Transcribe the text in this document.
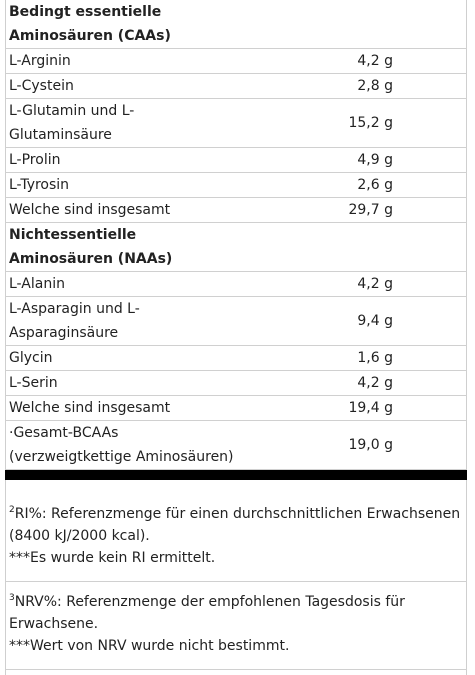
Bedingt essentielle	
Aminosäuren (CAAs)	
L-Arginin	4,2 g
L-Cystein	2,8 g
L-Glutamin und L-Glutaminsäure	15,2 g
L-Prolin	4,9 g
L-Tyrosin	2,6 g
Welche sind insgesamt	29,7 g
Nichtessentielle	
Aminosäuren (NAAs)	
L-Alanin	4,2 g
L-Asparagin und L-Asparaginsäure	9,4 g
Glycin	1,6 g
L-Serin	4,2 g
Welche sind insgesamt	19,4 g
·Gesamt-BCAAs (verzweigtkettige Aminosäuren)	19,0 g

$^2$RI%: Referenzmenge für einen durchschnittlichen Erwachsenen (8400 kJ/2000 kcal).
***Es wurde kein RI ermittelt.
$^3$NRV%: Referenzmenge der empfohlenen Tagesdosis für Erwachsene.
***Wert von NRV wurde nicht bestimmt.
